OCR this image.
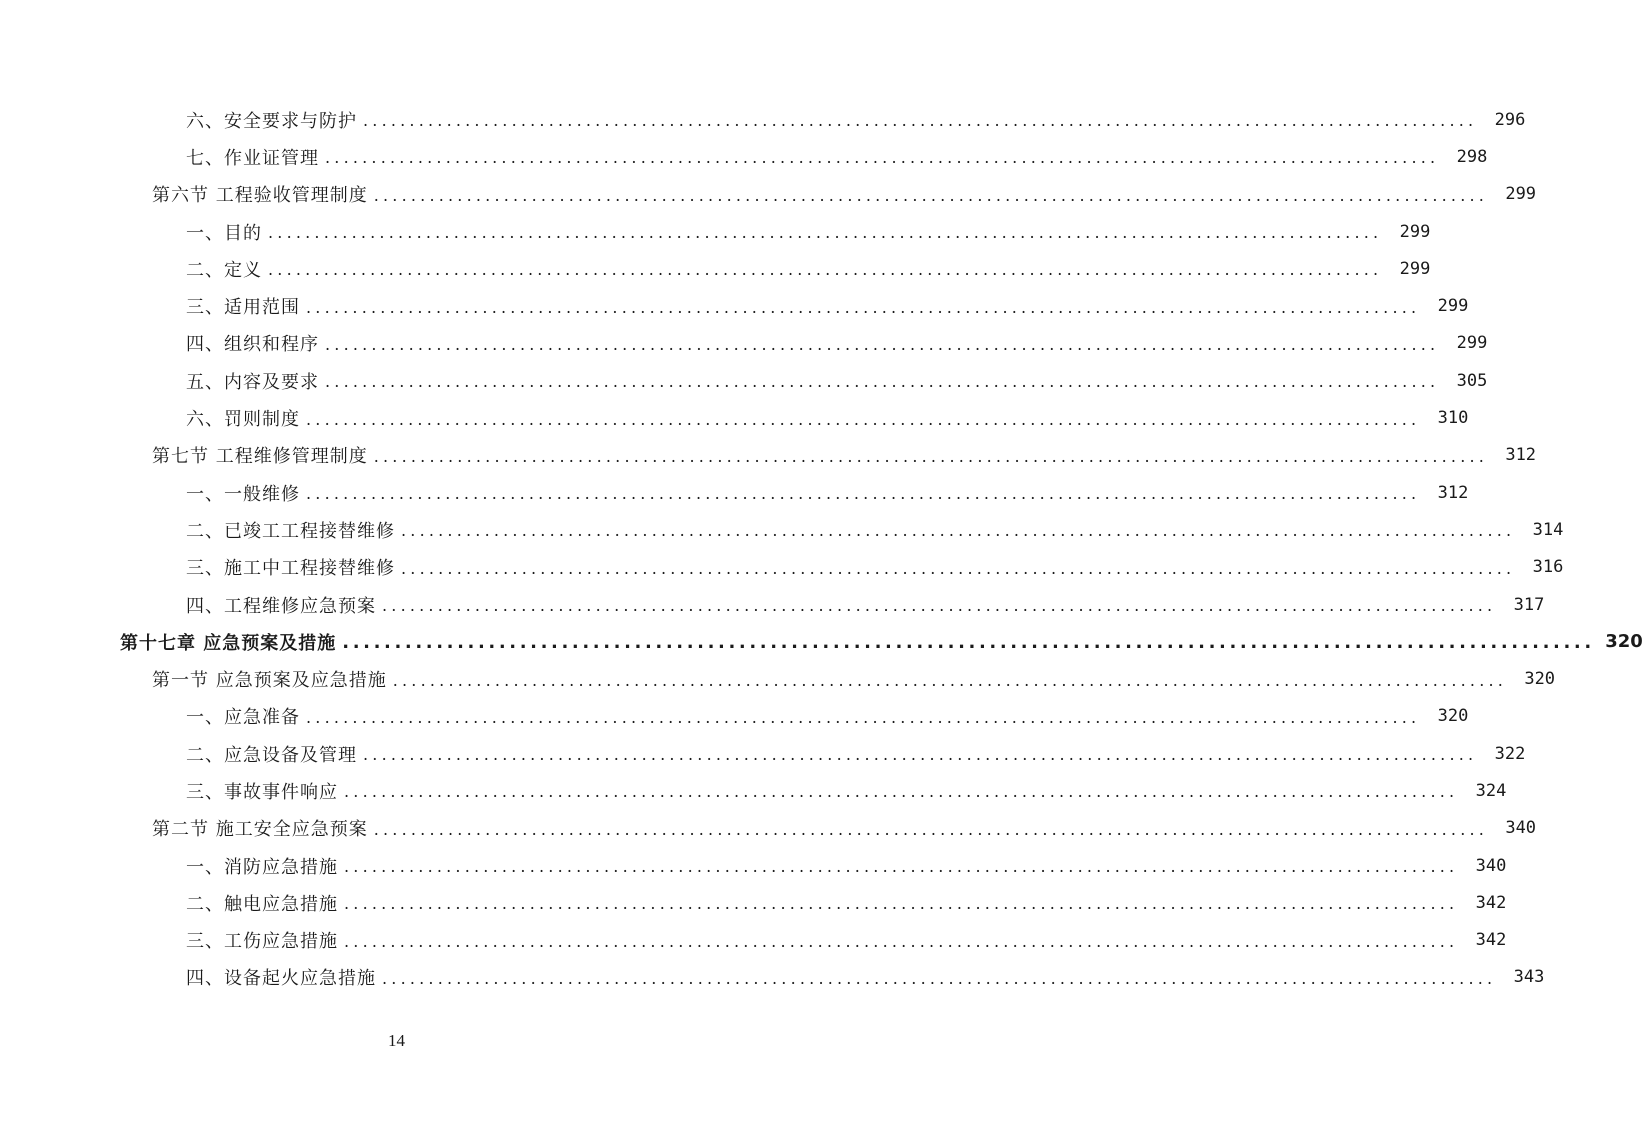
六、安全要求与防护 ........................................................................................................................	296
七、作业证管理 ........................................................................................................................	298
第六节 工程验收管理制度 ........................................................................................................................	299
一、目的 ........................................................................................................................	299
二、定义 ........................................................................................................................	299
三、适用范围 ........................................................................................................................	299
四、组织和程序 ........................................................................................................................	299
五、内容及要求 ........................................................................................................................	305
六、罚则制度 ........................................................................................................................	310
第七节 工程维修管理制度 ........................................................................................................................	312
一、一般维修 ........................................................................................................................	312
二、已竣工工程接替维修 ........................................................................................................................	314
三、施工中工程接替维修 ........................................................................................................................	316
四、工程维修应急预案 ........................................................................................................................	317
第十七章 应急预案及措施 ........................................................................................................................ 320
第一节 应急预案及应急措施 ........................................................................................................................	320
一、应急准备 ........................................................................................................................	320
二、应急设备及管理 ........................................................................................................................	322
三、事故事件响应 ........................................................................................................................	324
第二节 施工安全应急预案 ........................................................................................................................	340
一、消防应急措施 ........................................................................................................................	340
二、触电应急措施 ........................................................................................................................	342
三、工伤应急措施 ........................................................................................................................	342
四、设备起火应急措施 ........................................................................................................................	343
14
